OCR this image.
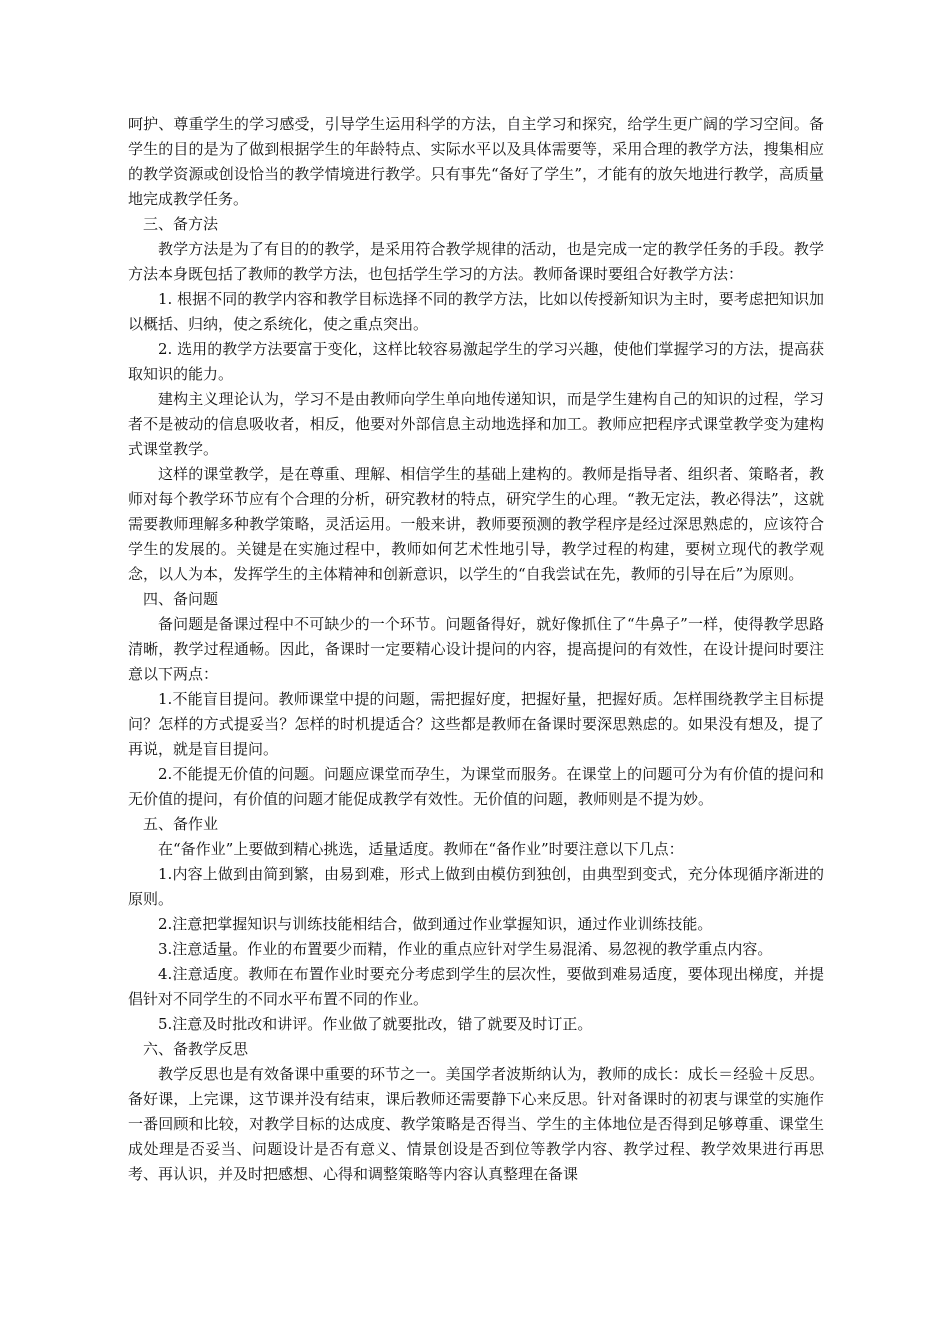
呵护、尊重学生的学习感受，引导学生运用科学的方法，自主学习和探究，给学生更广阔的学习空间。备学生的目的是为了做到根据学生的年龄特点、实际水平以及具体需要等，采用合理的教学方法，搜集相应的教学资源或创设恰当的教学情境进行教学。只有事先“备好了学生”，才能有的放矢地进行教学，高质量地完成教学任务。

三、备方法

教学方法是为了有目的的教学，是采用符合教学规律的活动，也是完成一定的教学任务的手段。教学方法本身既包括了教师的教学方法，也包括学生学习的方法。教师备课时要组合好教学方法：

1. 根据不同的教学内容和教学目标选择不同的教学方法，比如以传授新知识为主时，要考虑把知识加以概括、归纳，使之系统化，使之重点突出。

2. 选用的教学方法要富于变化，这样比较容易激起学生的学习兴趣，使他们掌握学习的方法，提高获取知识的能力。

建构主义理论认为，学习不是由教师向学生单向地传递知识，而是学生建构自己的知识的过程，学习者不是被动的信息吸收者，相反，他要对外部信息主动地选择和加工。教师应把程序式课堂教学变为建构式课堂教学。

这样的课堂教学，是在尊重、理解、相信学生的基础上建构的。教师是指导者、组织者、策略者，教师对每个教学环节应有个合理的分析，研究教材的特点，研究学生的心理。“教无定法，教必得法”，这就需要教师理解多种教学策略，灵活运用。一般来讲，教师要预测的教学程序是经过深思熟虑的，应该符合学生的发展的。关键是在实施过程中，教师如何艺术性地引导，教学过程的构建，要树立现代的教学观念，以人为本，发挥学生的主体精神和创新意识，以学生的“自我尝试在先，教师的引导在后”为原则。

四、备问题

备问题是备课过程中不可缺少的一个环节。问题备得好，就好像抓住了“牛鼻子”一样，使得教学思路清晰，教学过程通畅。因此，备课时一定要精心设计提问的内容，提高提问的有效性，在设计提问时要注意以下两点：

1.不能盲目提问。教师课堂中提的问题，需把握好度，把握好量，把握好质。怎样围绕教学主目标提问？怎样的方式提妥当？怎样的时机提适合？这些都是教师在备课时要深思熟虑的。如果没有想及，提了再说，就是盲目提问。

2.不能提无价值的问题。问题应课堂而孕生，为课堂而服务。在课堂上的问题可分为有价值的提问和无价值的提问，有价值的问题才能促成教学有效性。无价值的问题，教师则是不提为妙。

五、备作业

在“备作业”上要做到精心挑选，适量适度。教师在“备作业”时要注意以下几点：

1.内容上做到由简到繁，由易到难，形式上做到由模仿到独创，由典型到变式，充分体现循序渐进的原则。

2.注意把掌握知识与训练技能相结合，做到通过作业掌握知识，通过作业训练技能。

3.注意适量。作业的布置要少而精，作业的重点应针对学生易混淆、易忽视的教学重点内容。

4.注意适度。教师在布置作业时要充分考虑到学生的层次性，要做到难易适度，要体现出梯度，并提倡针对不同学生的不同水平布置不同的作业。

5.注意及时批改和讲评。作业做了就要批改，错了就要及时订正。

六、备教学反思

教学反思也是有效备课中重要的环节之一。美国学者波斯纳认为，教师的成长：成长＝经验＋反思。备好课，上完课，这节课并没有结束，课后教师还需要静下心来反思。针对备课时的初衷与课堂的实施作一番回顾和比较，对教学目标的达成度、教学策略是否得当、学生的主体地位是否得到足够尊重、课堂生成处理是否妥当、问题设计是否有意义、情景创设是否到位等教学内容、教学过程、教学效果进行再思考、再认识，并及时把感想、心得和调整策略等内容认真整理在备课
